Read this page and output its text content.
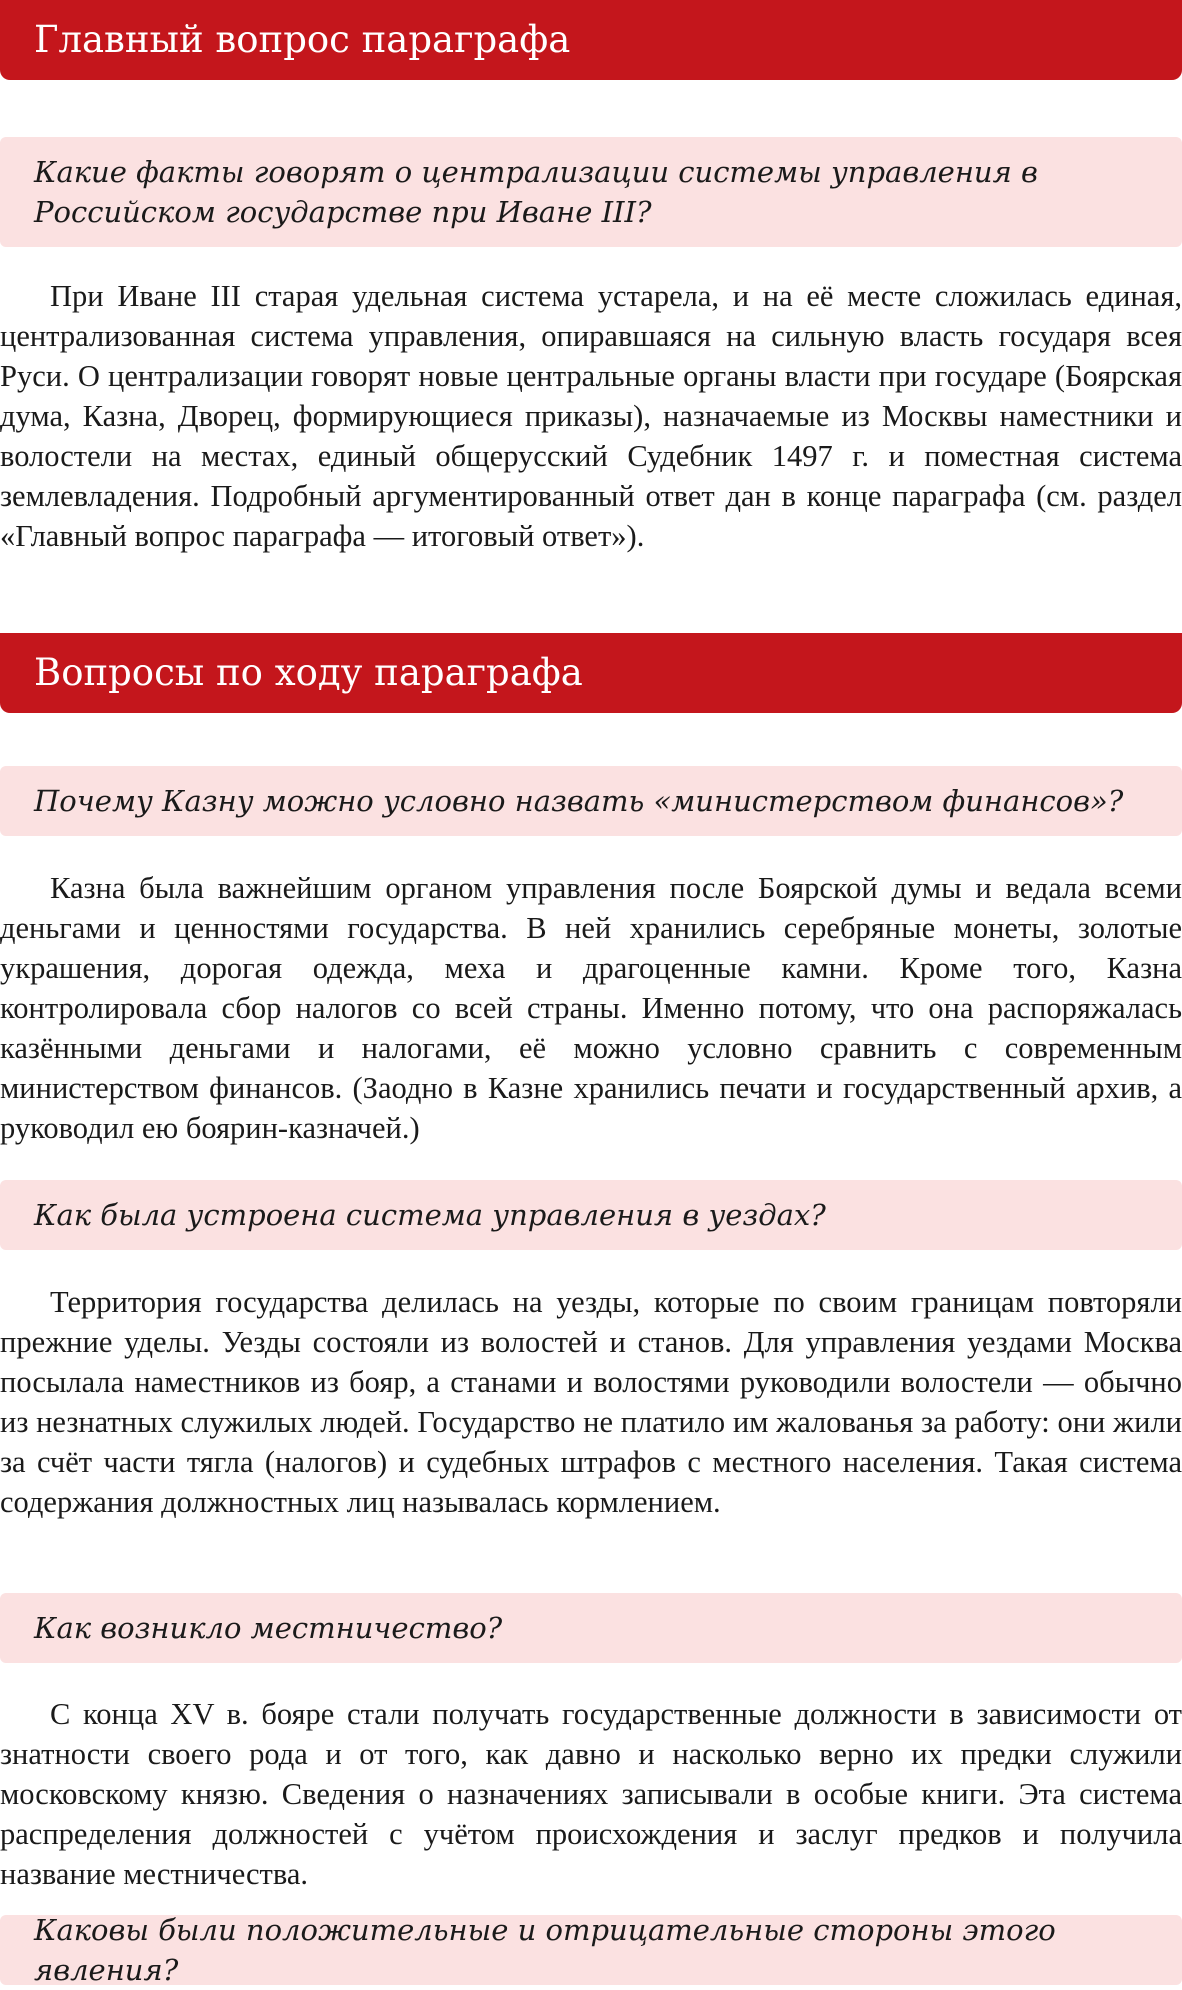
Главный вопрос параграфа
Какие факты говорят о централизации системы управления в Российском государстве при Иване III?

При Иване III старая удельная система устарела, и на её месте сложилась единая, централизованная система управления, опиравшаяся на сильную власть государя всея Руси. О централизации говорят новые центральные органы власти при государе (Боярская дума, Казна, Дворец, формирующиеся приказы), назначаемые из Москвы наместники и волостели на местах, единый общерусский Судебник 1497 г. и поместная система землевладения. Подробный аргументированный ответ дан в конце параграфа (см. раздел «Главный вопрос параграфа — итоговый ответ»).

Вопросы по ходу параграфа
Почему Казну можно условно назвать «министерством финансов»?

Казна была важнейшим органом управления после Боярской думы и ведала всеми деньгами и ценностями государства. В ней хранились серебряные монеты, золотые украшения, дорогая одежда, меха и драгоценные камни. Кроме того, Казна контролировала сбор налогов со всей страны. Именно потому, что она распоряжалась казёнными деньгами и налогами, её можно условно сравнить с современным министерством финансов. (Заодно в Казне хранились печати и государственный архив, а руководил ею боярин-казначей.)

Как была устроена система управления в уездах?

Территория государства делилась на уезды, которые по своим границам повторяли прежние уделы. Уезды состояли из волостей и станов. Для управления уездами Москва посылала наместников из бояр, а станами и волостями руководили волостели — обычно из незнатных служилых людей. Государство не платило им жалованья за работу: они жили за счёт части тягла (налогов) и судебных штрафов с местного населения. Такая система содержания должностных лиц называлась кормлением.

Как возникло местничество?

С конца XV в. бояре стали получать государственные должности в зависимости от знатности своего рода и от того, как давно и насколько верно их предки служили московскому князю. Сведения о назначениях записывали в особые книги. Эта система распределения должностей с учётом происхождения и заслуг предков и получила название местничества.

Каковы были положительные и отрицательные стороны этого явления?
